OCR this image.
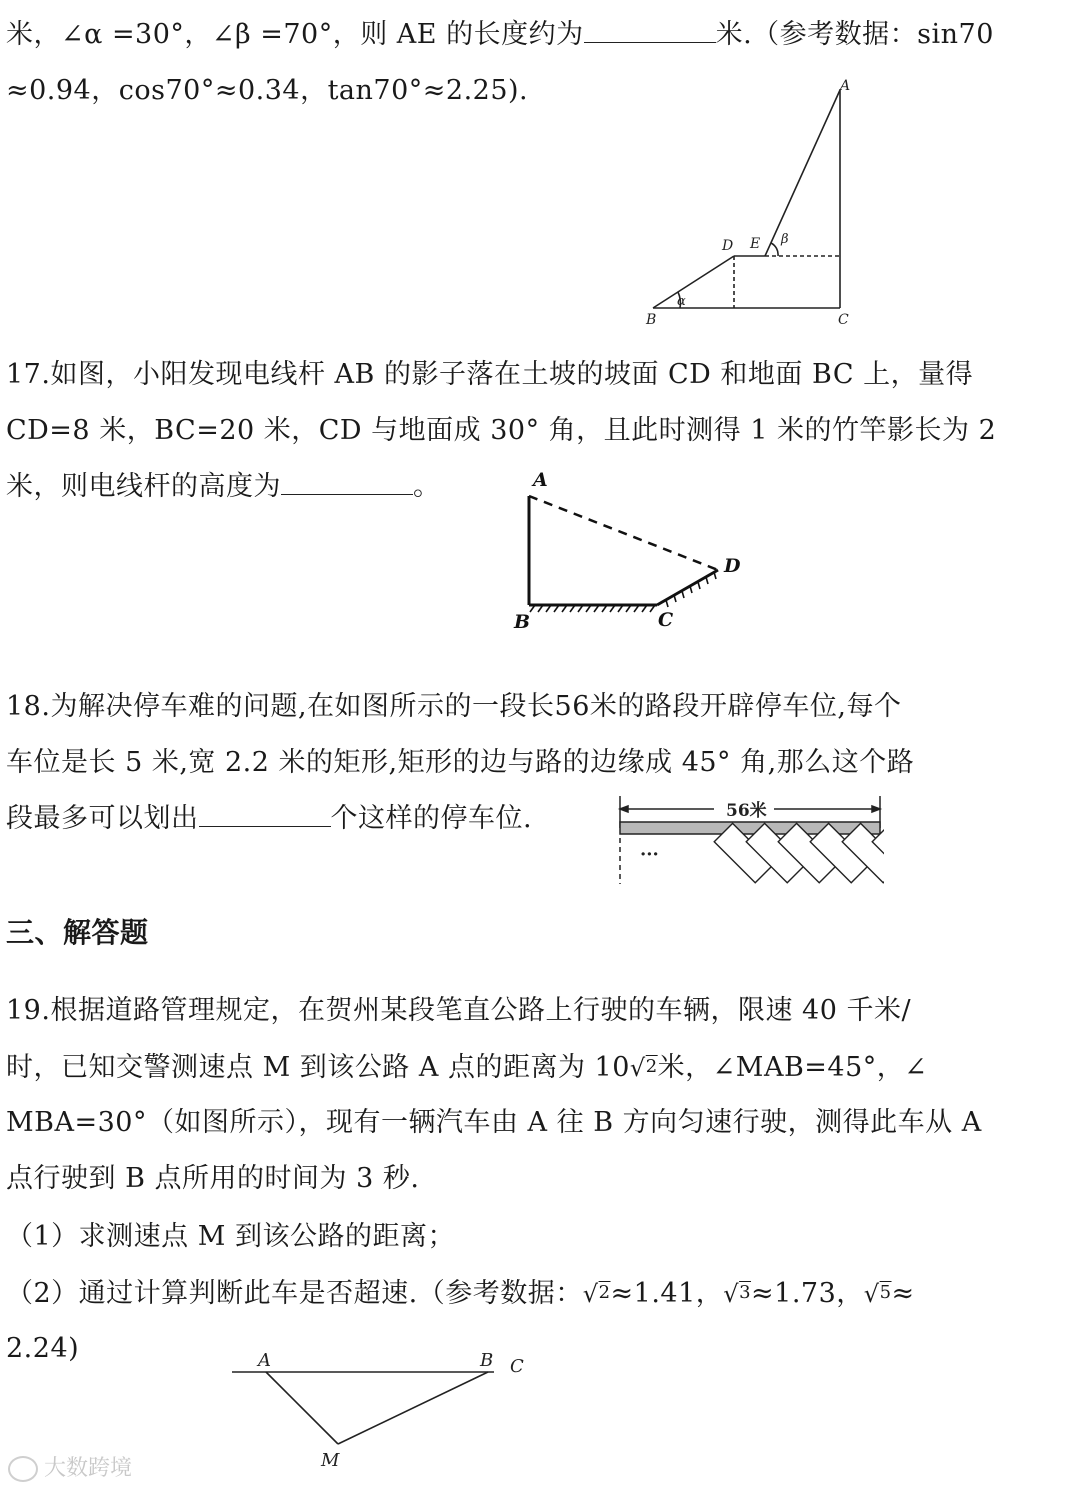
米，∠α =30°，∠β =70°，则 AE 的长度约为	米.（参考数据：sin70
≈0.94，cos70°≈0.34，tan70°≈2.25).	A
B	C
D E
α
β
17.如图，小阳发现电线杆 AB 的影子落在土坡的坡面 CD 和地面 BC 上，量得
CD=8 米，BC=20 米，CD 与地面成 30° 角，且此时测得 1 米的竹竿影长为 2
米，则电线杆的高度为	。	A
B	C
D
18.为解决停车难的问题,在如图所示的一段长56米的路段开辟停车位,每个
车位是长 5 米,宽 2.2 米的矩形,矩形的边与路的边缘成 45° 角,那么这个路
段最多可以划出	个这样的停车位.	56米
···
三、解答题
19.根据道路管理规定，在贺州某段笔直公路上行驶的车辆，限速 40 千米/
时，已知交警测速点 M 到该公路 A 点的距离为 10√2米，∠MAB=45°，∠
MBA=30°（如图所示），现有一辆汽车由 A 往 B 方向匀速行驶，测得此车从 A
点行驶到 B 点所用的时间为 3 秒.
（1）求测速点 M 到该公路的距离；
（2）通过计算判断此车是否超速.（参考数据：√2≈1.41，√3≈1.73，√5≈
2.24)	A	B C
M
大数跨境
